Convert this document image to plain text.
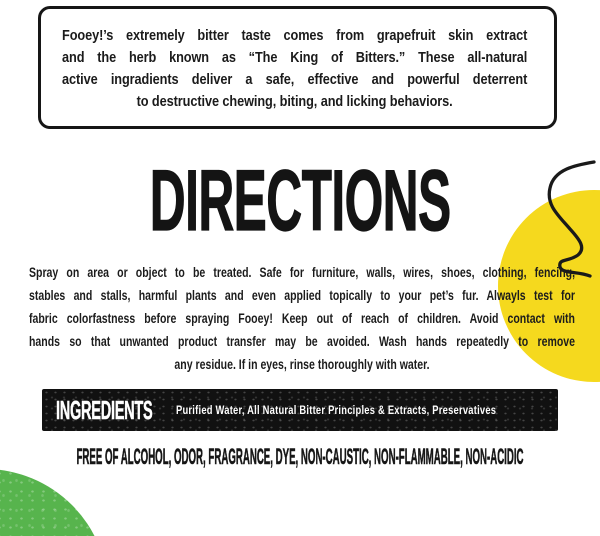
Fooey!’s extremely bitter taste comes from grapefruit skin extract
and the herb known as “The King of Bitters.” These all-natural
active ingradients deliver a safe, effective and powerful deterrent
to destructive chewing, biting, and licking behaviors.
DIRECTIONS
Spray on area or object to be treated. Safe for furniture, walls, wires, shoes, clothing, fencing,
stables and stalls, harmful plants and even applied topically to your pet’s fur. Alwayls test for
fabric colorfastness before spraying Fooey! Keep out of reach of children. Avoid contact with
hands so that unwanted product transfer may be avoided. Wash hands repeatedly to remove
any residue. If in eyes, rinse thoroughly with water.
INGREDIENTS Purified Water, All Natural Bitter Principles & Extracts, Preservatives
FREE OF ALCOHOL, ODOR, FRAGRANCE, DYE, NON-CAUSTIC, NON-FLAMMABLE, NON-ACIDIC
